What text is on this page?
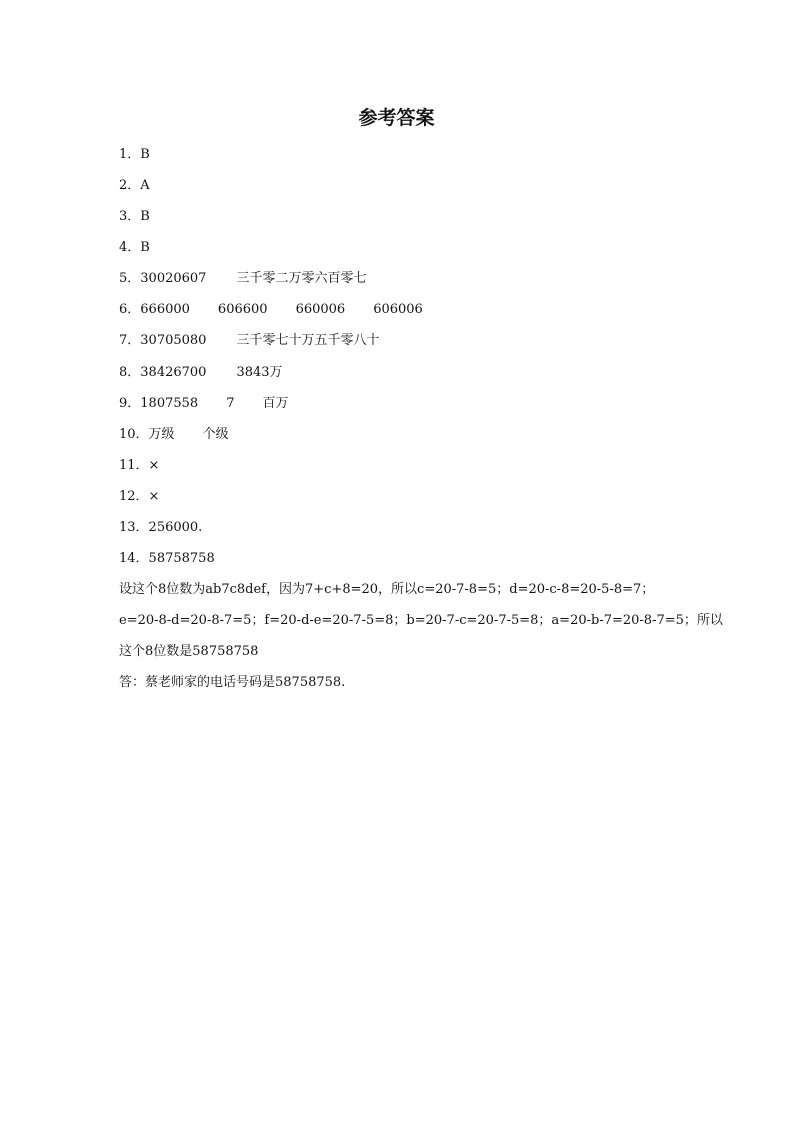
参考答案
1．B
2．A
3．B
4．B
5．30020607 三千零二万零六百零七
6．666000 606600 660006 606006
7．30705080 三千零七十万五千零八十
8．38426700 3843万
9．1807558 7 百万
10．万级 个级
11．×
12．×
13．256000.
14．58758758
设这个8位数为ab7c8def，因为7+c+8=20，所以c=20-7-8=5；d=20-c-8=20-5-8=7；
e=20-8-d=20-8-7=5；f=20-d-e=20-7-5=8；b=20-7-c=20-7-5=8；a=20-b-7=20-8-7=5；所以
这个8位数是58758758
答：蔡老师家的电话号码是58758758.
